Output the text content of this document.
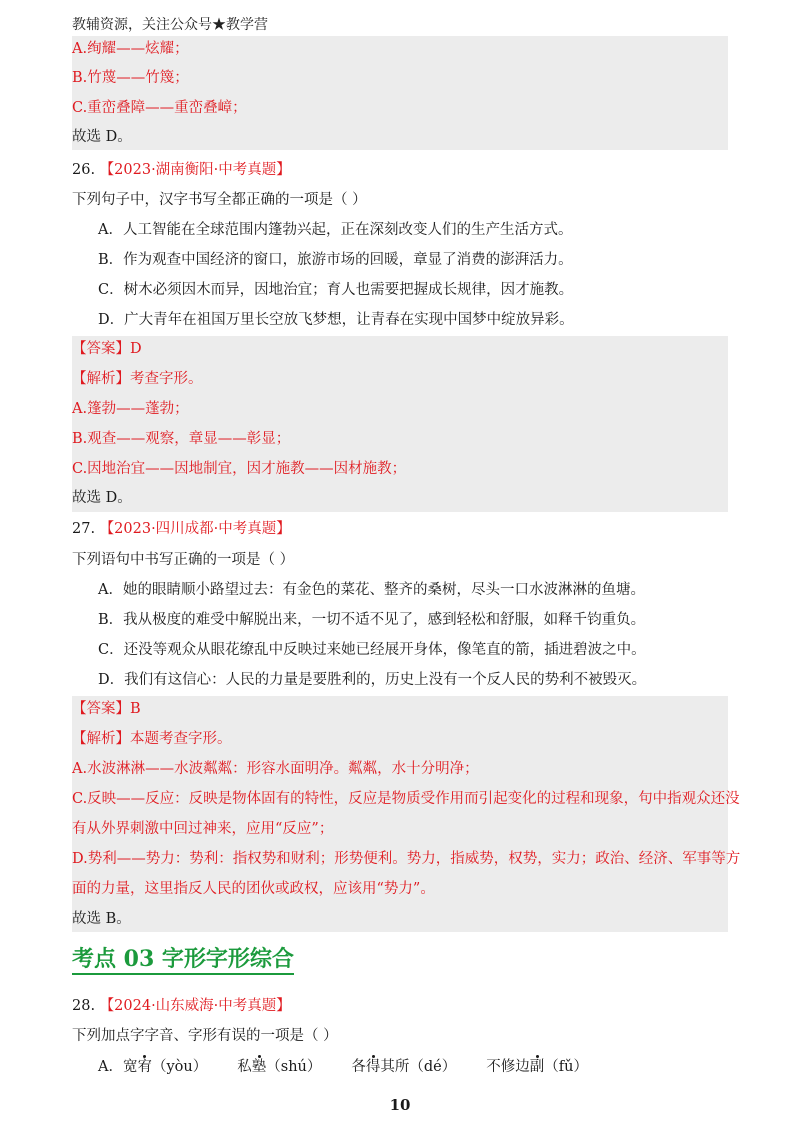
教辅资源，关注公众号★教学营
A.绚耀——炫耀；
B.竹蔑——竹篾；
C.重峦叠障——重峦叠嶂；
故选 D。
26. 【2023·湖南衡阳·中考真题】
下列句子中，汉字书写全都正确的一项是（ ）
A．人工智能在全球范围内篷勃兴起，正在深刻改变人们的生产生活方式。
B．作为观查中国经济的窗口，旅游市场的回暖，章显了消费的澎湃活力。
C．树木必须因木而异，因地治宜；育人也需要把握成长规律，因才施教。
D．广大青年在祖国万里长空放飞梦想，让青春在实现中国梦中绽放异彩。
【答案】D
【解析】考查字形。
A.篷勃——蓬勃；
B.观查——观察，章显——彰显；
C.因地治宜——因地制宜，因才施教——因材施教；
故选 D。
27. 【2023·四川成都·中考真题】
下列语句中书写正确的一项是（ ）
A．她的眼睛顺小路望过去：有金色的菜花、整齐的桑树，尽头一口水波淋淋的鱼塘。
B．我从极度的难受中解脱出来，一切不适不见了，感到轻松和舒服，如释千钧重负。
C．还没等观众从眼花缭乱中反映过来她已经展开身体，像笔直的箭，插进碧波之中。
D．我们有这信心：人民的力量是要胜利的，历史上没有一个反人民的势利不被毁灭。
【答案】B
【解析】本题考查字形。
A.水波淋淋——水波粼粼：形容水面明净。粼粼，水十分明净；
C.反映——反应：反映是物体固有的特性，反应是物质受作用而引起变化的过程和现象，句中指观众还没
有从外界刺激中回过神来，应用“反应”；
D.势利——势力：势利：指权势和财利；形势便利。势力，指威势，权势，实力；政治、经济、军事等方
面的力量，这里指反人民的团伙或政权，应该用“势力”。
故选 B。
考点 03 字形字形综合
28. 【2024·山东威海·中考真题】
下列加点字字音、字形有误的一项是（ ）
A．宽宥（yòu） 私塾（shú） 各得其所（dé） 不修边副（fǔ）
10
